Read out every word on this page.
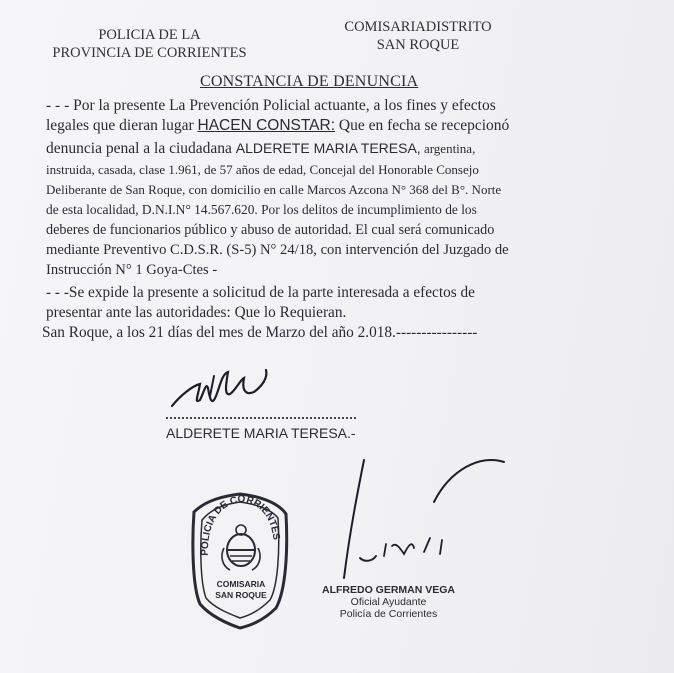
POLICIA DE LA
PROVINCIA DE CORRIENTES
COMISARIADISTRITO
SAN ROQUE
CONSTANCIA DE DENUNCIA
- - - Por la presente La Prevención Policial actuante, a los fines y efectos
legales que dieran lugar HACEN CONSTAR: Que en fecha se recepcionó
denuncia penal a la ciudadana ALDERETE MARIA TERESA, argentina,
instruida, casada, clase 1.961, de 57 años de edad, Concejal del Honorable Consejo
Deliberante de San Roque, con domicilio en calle Marcos Azcona N° 368 del B°. Norte
de esta localidad, D.N.I.N° 14.567.620. Por los delitos de incumplimiento de los
deberes de funcionarios público y abuso de autoridad. El cual será comunicado
mediante Preventivo C.D.S.R. (S-5) N° 24/18, con intervención del Juzgado de
Instrucción N° 1 Goya-Ctes -
- - -Se expide la presente a solicitud de la parte interesada a efectos de
presentar ante las autoridades: Que lo Requieran.
San Roque, a los 21 días del mes de Marzo del año 2.018.----------------
ALDERETE MARIA TERESA.-
POLICIA DE CORRIENTES
COMISARIA
SAN ROQUE	ALFREDO GERMAN VEGA
Oficial Ayudante
Policía de Corrientes
